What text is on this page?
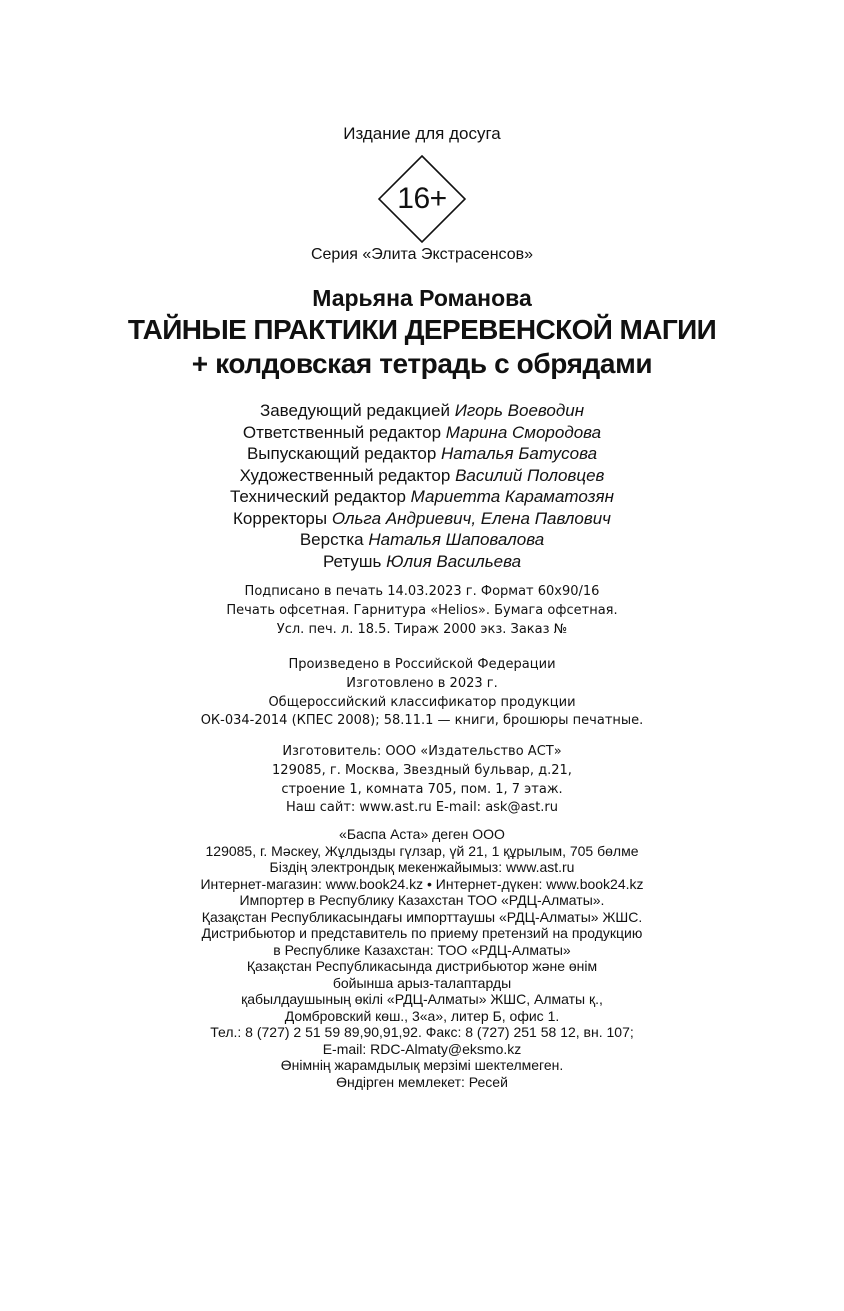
Издание для досуга
16+
Серия «Элита Экстрасенсов»
Марьяна Романова
ТАЙНЫЕ ПРАКТИКИ ДЕРЕВЕНСКОЙ МАГИИ
+ колдовская тетрадь с обрядами
Заведующий редакцией Игорь Воеводин
Ответственный редактор Марина Смородова
Выпускающий редактор Наталья Батусова
Художественный редактор Василий Половцев
Технический редактор Мариетта Караматозян
Корректоры Ольга Андриевич, Елена Павлович
Верстка Наталья Шаповалова
Ретушь Юлия Васильева
Подписано в печать 14.03.2023 г. Формат 60х90/16
Печать офсетная. Гарнитура «Helios». Бумага офсетная.
Усл. печ. л. 18.5. Тираж 2000 экз. Заказ №
Произведено в Российской Федерации
Изготовлено в 2023 г.
Общероссийский классификатор продукции
ОК-034-2014 (КПЕС 2008); 58.11.1 — книги, брошюры печатные.
Изготовитель: ООО «Издательство АСТ»
129085, г. Москва, Звездный бульвар, д.21,
строение 1, комната 705, пом. 1, 7 этаж.
Наш сайт: www.ast.ru E-mail: ask@ast.ru
«Баспа Аста» деген ООО
129085, г. Мәскеу, Жұлдызды гүлзар, үй 21, 1 құрылым, 705 бөлме
Біздің электрондық мекенжайымыз: www.ast.ru
Интернет-магазин: www.book24.kz • Интернет-дүкен: www.book24.kz
Импортер в Республику Казахстан ТОО «РДЦ-Алматы».
Қазақстан Республикасындағы импорттаушы «РДЦ-Алматы» ЖШС.
Дистрибьютор и представитель по приему претензий на продукцию
в Республике Казахстан: ТОО «РДЦ-Алматы»
Қазақстан Республикасында дистрибьютор және өнім
бойынша арыз-талаптарды
қабылдаушының өкілі «РДЦ-Алматы» ЖШС, Алматы қ.,
Домбровский көш., 3«а», литер Б, офис 1.
Тел.: 8 (727) 2 51 59 89,90,91,92. Факс: 8 (727) 251 58 12, вн. 107;
E-mail: RDC-Almaty@eksmo.kz
Өнімнің жарамдылық мерзімі шектелмеген.
Өндірген мемлекет: Ресей
